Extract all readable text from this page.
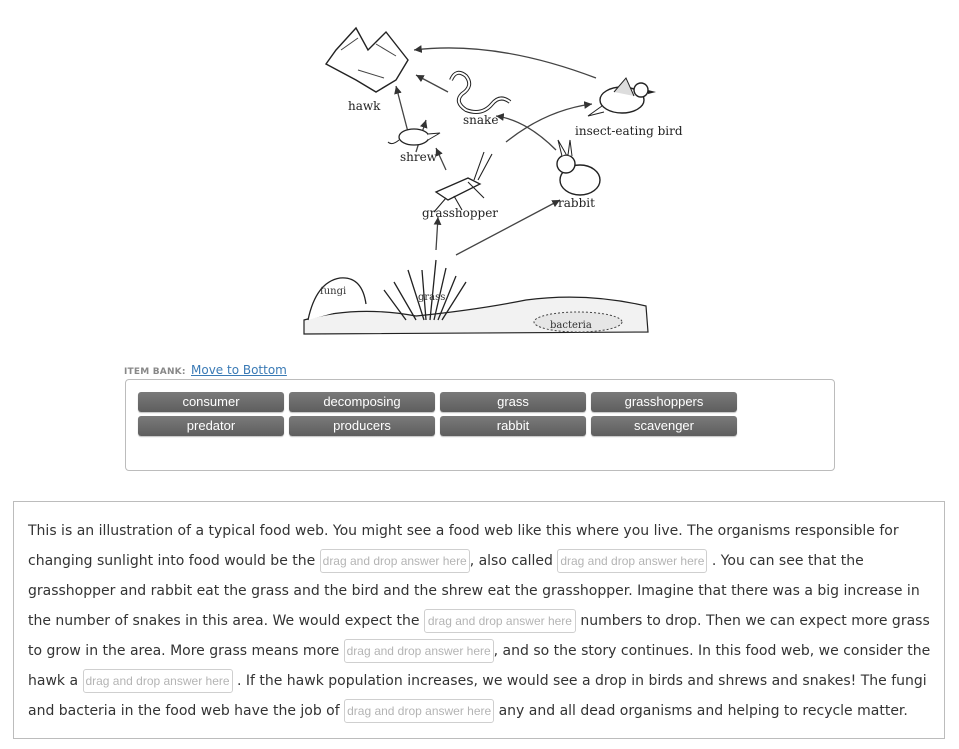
hawk
snake
insect-eating bird
shrew
grasshopper
rabbit
fungi
grass
bacteria
ITEM BANK: Move to Bottom
consumer	decomposing	grass	grasshoppers
predator	producers	rabbit	scavenger
This is an illustration of a typical food web. You might see a food web like this where you live. The organisms responsible for changing sunlight into food would be the drag and drop answer here , also called drag and drop answer here . You can see that the grasshopper and rabbit eat the grass and the bird and the shrew eat the grasshopper. Imagine that there was a big increase in the number of snakes in this area. We would expect the drag and drop answer here numbers to drop. Then we can expect more grass to grow in the area. More grass means more drag and drop answer here , and so the story continues. In this food web, we consider the hawk a drag and drop answer here . If the hawk population increases, we would see a drop in birds and shrews and snakes! The fungi and bacteria in the food web have the job of drag and drop answer here any and all dead organisms and helping to recycle matter.
